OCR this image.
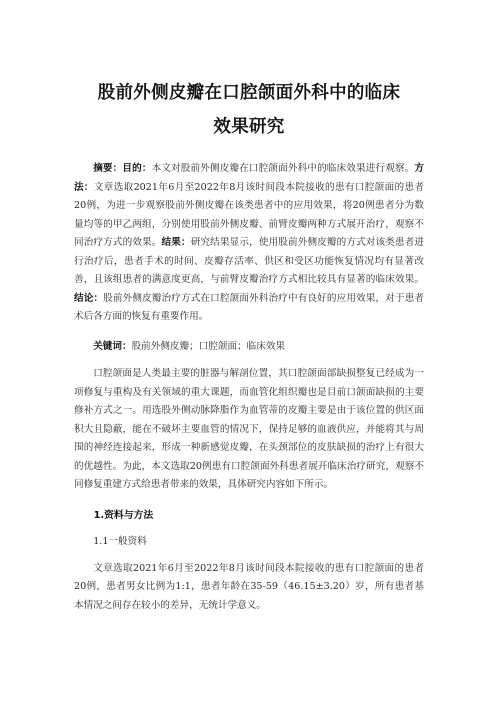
股前外侧皮瓣在口腔颌面外科中的临床
效果研究
摘要：目的：本文对股前外侧皮瓣在口腔颌面外科中的临床效果进行观察。方法：文章选取2021年6月至2022年8月该时间段本院接收的患有口腔颌面的患者20例，为进一步观察股前外侧皮瓣在该类患者中的应用效果，将20例患者分为数量均等的甲乙两组，分别使用股前外侧皮瓣、前臂皮瓣两种方式展开治疗，观察不同治疗方式的效果。结果：研究结果显示，使用股前外侧皮瓣的方式对该类患者进行治疗后，患者手术的时间、皮瓣存活率、供区和受区功能恢复情况均有显著改善，且该组患者的满意度更高，与前臂皮瓣治疗方式相比较具有显著的临床效果。结论：股前外侧皮瓣治疗方式在口腔颌面外科治疗中有良好的应用效果，对于患者术后各方面的恢复有重要作用。
关键词：股前外侧皮瓣；口腔颌面；临床效果
口腔颌面是人类最主要的脏器与解剖位置，其口腔颌面部缺损整复已经成为一项修复与重构及有关领域的重大课题，而血管化组织瓣也是目前口颌面缺损的主要修补方式之一。用选股外侧动脉降脂作为血管蒂的皮瓣主要是由于该位置的供区面积大且隐蔽，能在不破坏主要血管的情况下，保持足够的血液供应，并能将其与周围的神经连接起来，形成一种新感觉皮瓣，在头颈部位的皮肤缺损的治疗上有很大的优越性。为此，本文选取20例患有口腔颌面外科患者展开临床治疗研究，观察不同修复重建方式给患者带来的效果，具体研究内容如下所示。
1.资料与方法
1.1一般资料
文章选取2021年6月至2022年8月该时间段本院接收的患有口腔颌面的患者20例，患者男女比例为1:1，患者年龄在35-59（46.15±3.20）岁，所有患者基本情况之间存在较小的差异，无统计学意义。
